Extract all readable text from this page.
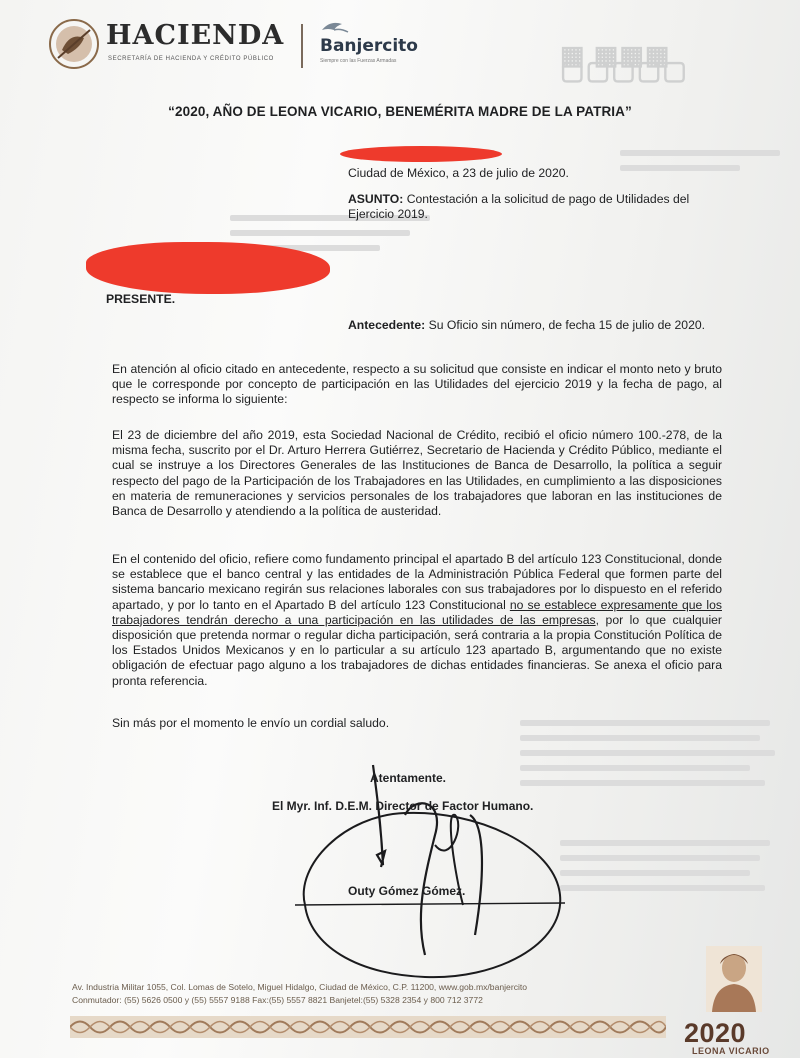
▦ ▦▦▦   ▢▢▢▢▢
HACIENDA
SECRETARÍA DE HACIENDA Y CRÉDITO PÚBLICO
Banjercito
Siempre con las Fuerzas Armadas
“2020, AÑO DE LEONA VICARIO, BENEMÉRITA MADRE DE LA PATRIA”
Ciudad de México, a 23 de julio de 2020.
ASUNTO: Contestación a la solicitud de pago de Utilidades del Ejercicio 2019.
PRESENTE.
Antecedente: Su Oficio sin número, de fecha 15 de julio de 2020.
En atención al oficio citado en antecedente, respecto a su solicitud que consiste en indicar el monto neto y bruto que le corresponde por concepto de participación en las Utilidades del ejercicio 2019 y la fecha de pago, al respecto se informa lo siguiente:
El 23 de diciembre del año 2019, esta Sociedad Nacional de Crédito, recibió el oficio número 100.-278, de la misma fecha, suscrito por el Dr. Arturo Herrera Gutiérrez, Secretario de Hacienda y Crédito Público, mediante el cual se instruye a los Directores Generales de las Instituciones de Banca de Desarrollo, la política a seguir respecto del pago de la Participación de los Trabajadores en las Utilidades, en cumplimiento a las disposiciones en materia de remuneraciones y servicios personales de los trabajadores que laboran en las instituciones de Banca de Desarrollo y atendiendo a la política de austeridad.
En el contenido del oficio, refiere como fundamento principal el apartado B del artículo 123 Constitucional, donde se establece que el banco central y las entidades de la Administración Pública Federal que formen parte del sistema bancario mexicano regirán sus relaciones laborales con sus trabajadores por lo dispuesto en el referido apartado, y por lo tanto en el Apartado B del artículo 123 Constitucional no se establece expresamente que los trabajadores tendrán derecho a una participación en las utilidades de las empresas, por lo que cualquier disposición que pretenda normar o regular dicha participación, será contraria a la propia Constitución Política de los Estados Unidos Mexicanos y en lo particular a su artículo 123 apartado B, argumentando que no existe obligación de efectuar pago alguno a los trabajadores de dichas entidades financieras. Se anexa el oficio para pronta referencia.
Sin más por el momento le envío un cordial saludo.
Atentamente.
El Myr. Inf. D.E.M. Director de Factor Humano.
Outy Gómez Gómez.
Av. Industria Militar 1055, Col. Lomas de Sotelo, Miguel Hidalgo, Ciudad de México, C.P. 11200, www.gob.mx/banjercito
Conmutador: (55) 5626 0500 y (55) 5557 9188 Fax:(55) 5557 8821 Banjetel:(55) 5328 2354 y 800 712 3772
2020
LEONA VICARIO
